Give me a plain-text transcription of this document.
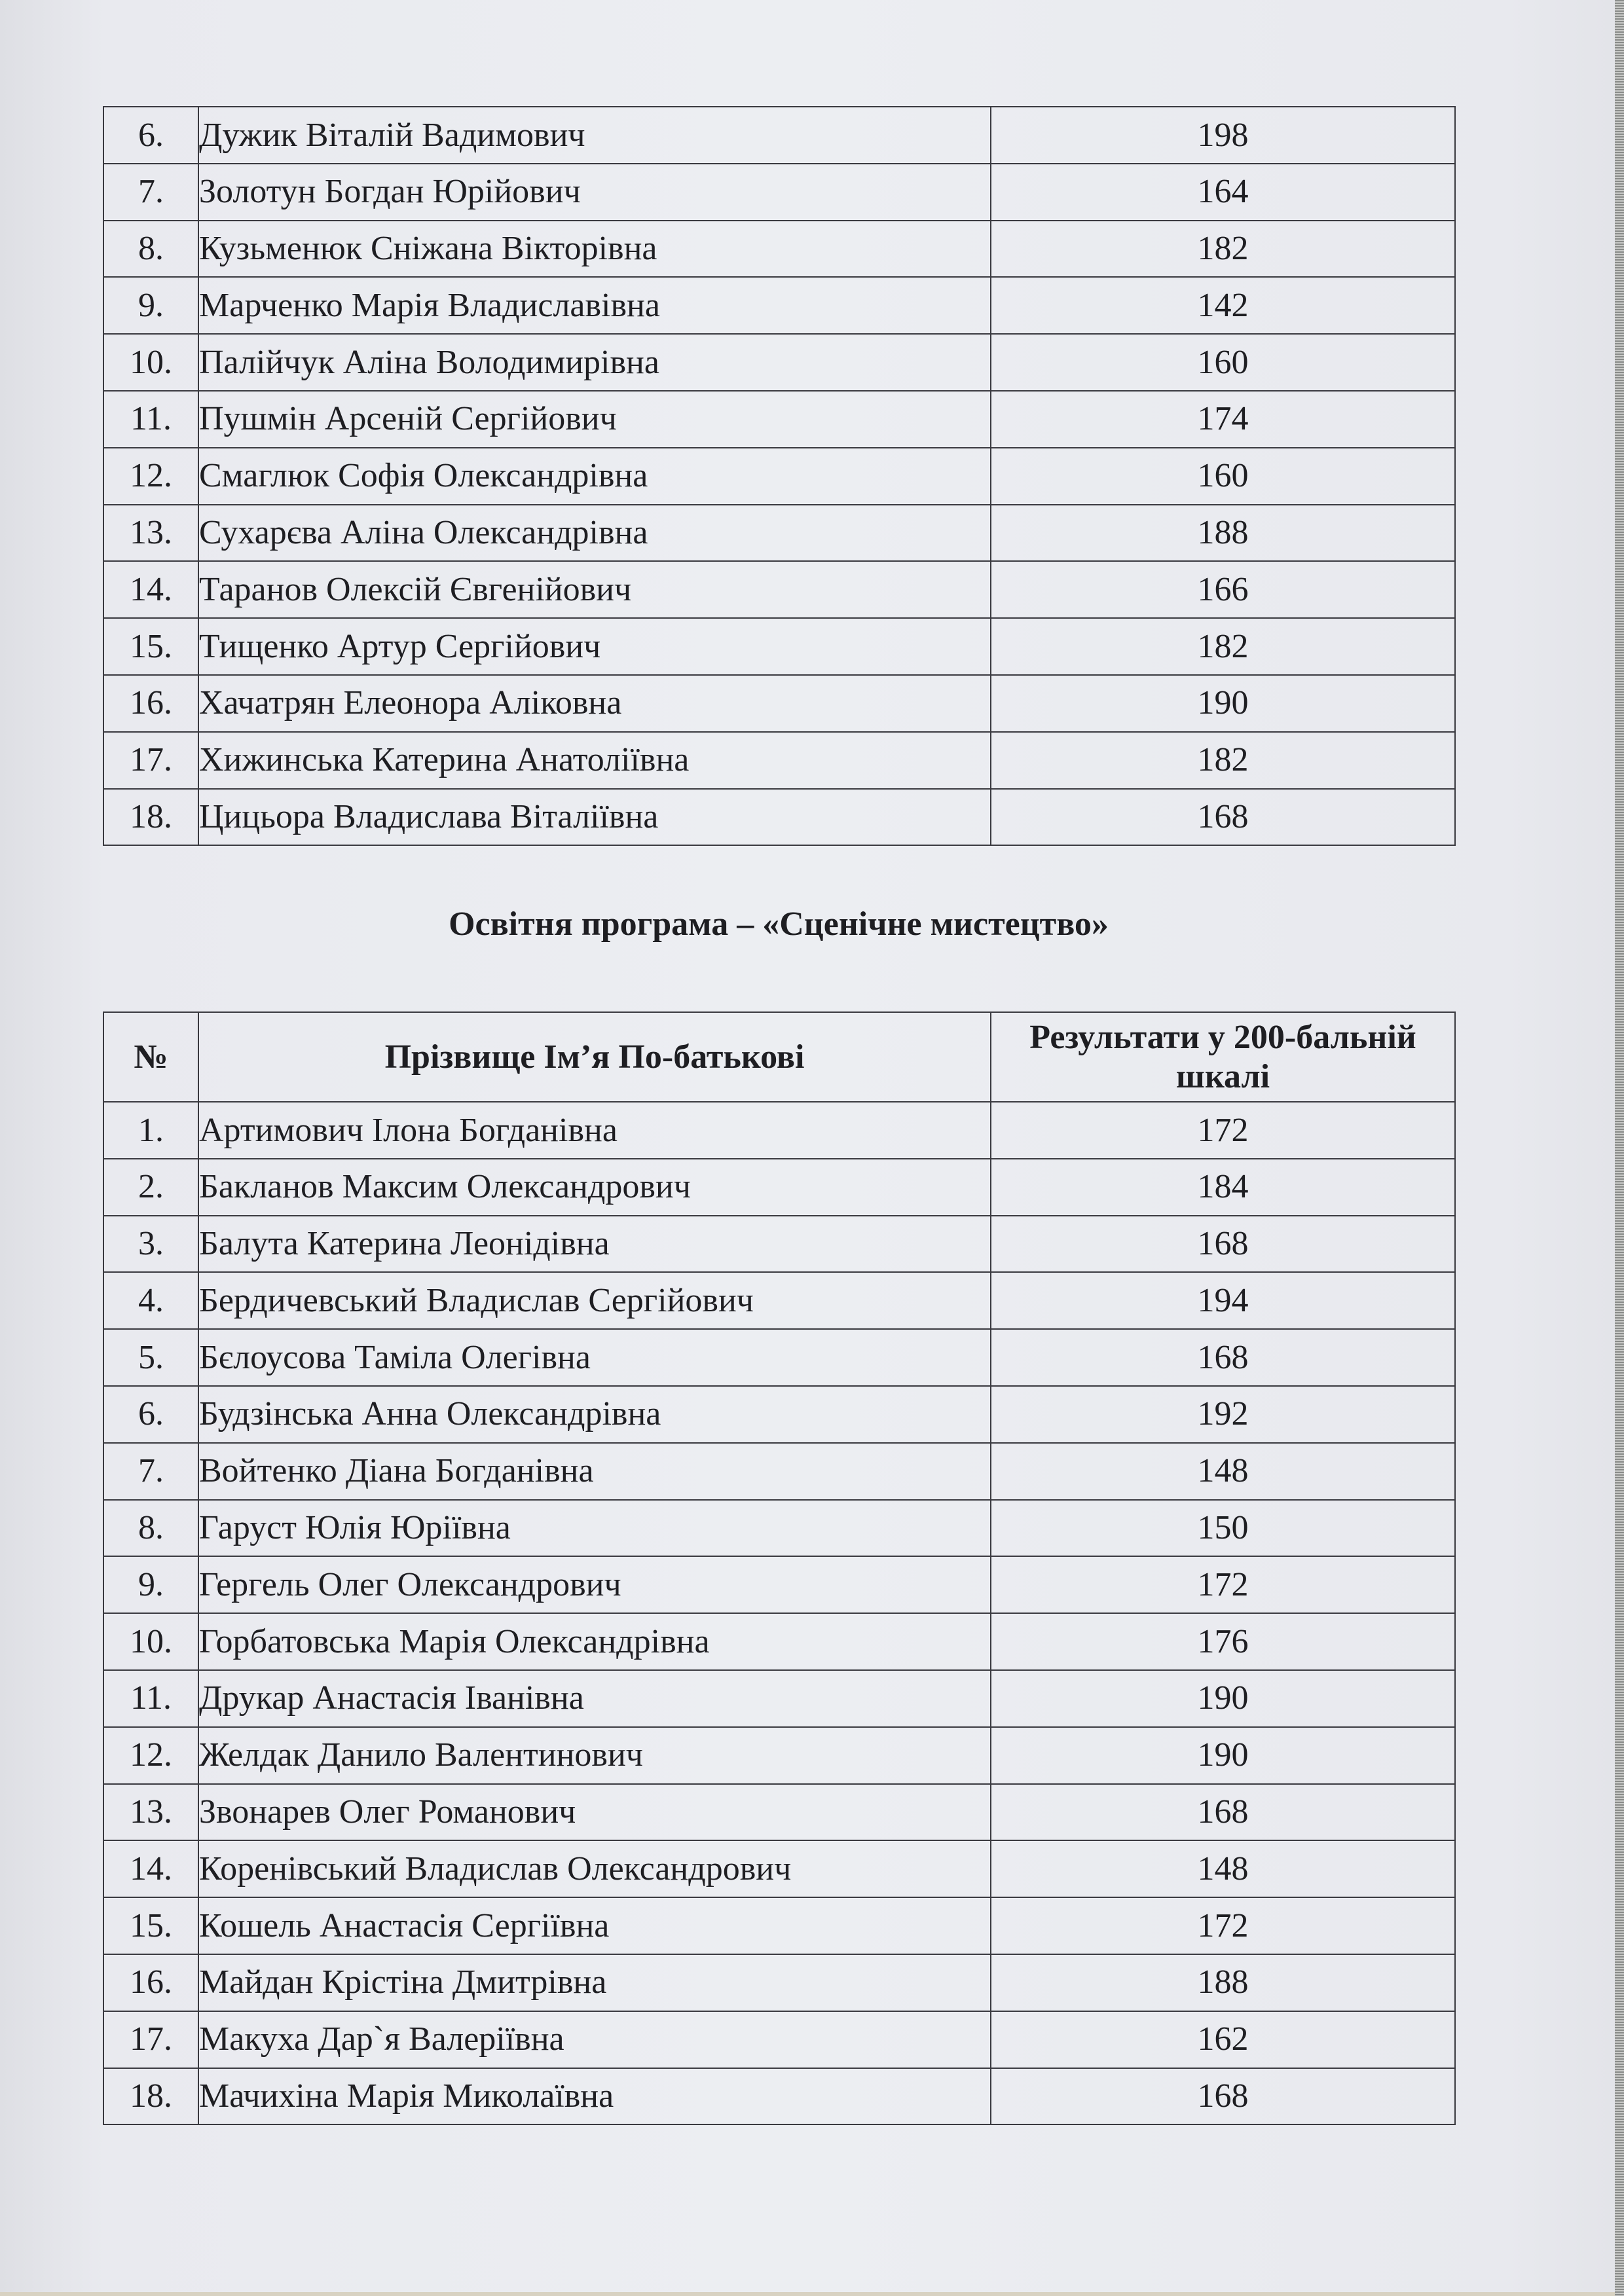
6.	Дужик Віталій Вадимович	198
7.	Золотун Богдан Юрійович	164
8.	Кузьменюк Сніжана Вікторівна	182
9.	Марченко Марія Владиславівна	142
10.	Палійчук Аліна Володимирівна	160
11.	Пушмін Арсеній Сергійович	174
12.	Смаглюк Софія Олександрівна	160
13.	Сухарєва Аліна Олександрівна	188
14.	Таранов Олексій Євгенійович	166
15.	Тищенко Артур Сергійович	182
16.	Хачатрян Елеонора Аліковна	190
17.	Хижинська Катерина Анатоліївна	182
18.	Цицьора Владислава Віталіївна	168
Освітня програма – «Сценічне мистецтво»
№	Прізвище Ім’я По-батькові	Результати у 200-бальній шкалі
1.	Артимович Ілона Богданівна	172
2.	Бакланов Максим Олександрович	184
3.	Балута Катерина Леонідівна	168
4.	Бердичевський Владислав Сергійович	194
5.	Бєлоусова Таміла Олегівна	168
6.	Будзінська Анна Олександрівна	192
7.	Войтенко Діана Богданівна	148
8.	Гаруст Юлія Юріївна	150
9.	Гергель Олег Олександрович	172
10.	Горбатовська Марія Олександрівна	176
11.	Друкар Анастасія Іванівна	190
12.	Желдак Данило Валентинович	190
13.	Звонарев Олег Романович	168
14.	Коренівський Владислав Олександрович	148
15.	Кошель Анастасія Сергіївна	172
16.	Майдан Крістіна Дмитрівна	188
17.	Макуха Дар`я Валеріївна	162
18.	Мачихіна Марія Миколаївна	168
